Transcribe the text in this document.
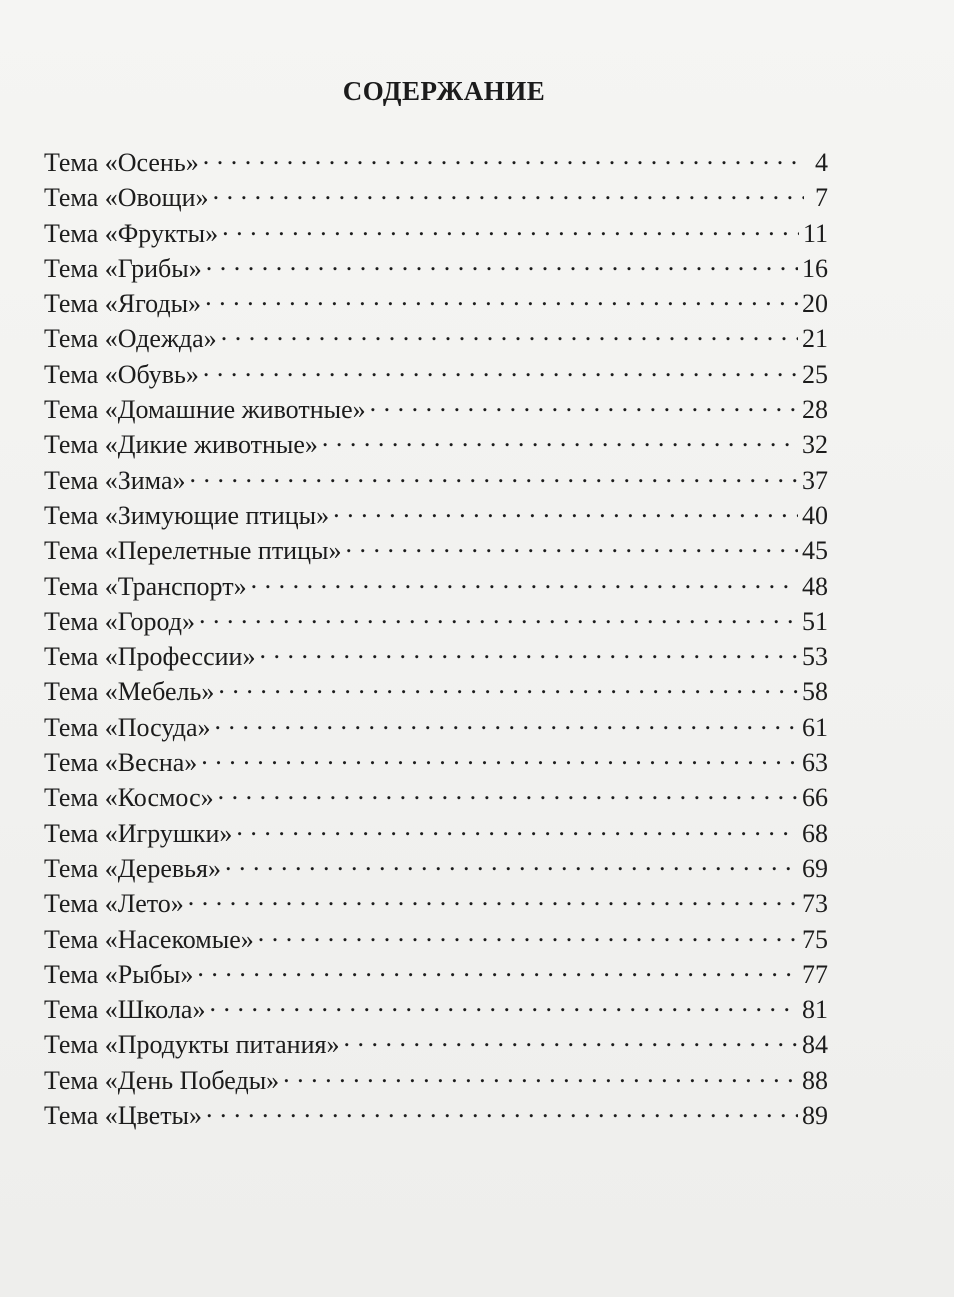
СОДЕРЖАНИЕ
Тема «Осень» . . .	4
Тема «Овощи» . . .	7
Тема «Фрукты» . . .	11
Тема «Грибы» . . .	16
Тема «Ягоды» . . .	20
Тема «Одежда» . . .	21
Тема «Обувь» . . .	25
Тема «Домашние животные» . . .	28
Тема «Дикие животные» . . .	32
Тема «Зима» . . .	37
Тема «Зимующие птицы» . . .	40
Тема «Перелетные птицы» . . .	45
Тема «Транспорт» . . .	48
Тема «Город» . . .	51
Тема «Профессии» . . .	53
Тема «Мебель» . . .	58
Тема «Посуда» . . .	61
Тема «Весна» . . .	63
Тема «Космос» . . .	66
Тема «Игрушки» . . .	68
Тема «Деревья» . . .	69
Тема «Лето» . . .	73
Тема «Насекомые» . . .	75
Тема «Рыбы» . . .	77
Тема «Школа» . . .	81
Тема «Продукты питания» . . .	84
Тема «День Победы» . . .	88
Тема «Цветы» . . .	89
